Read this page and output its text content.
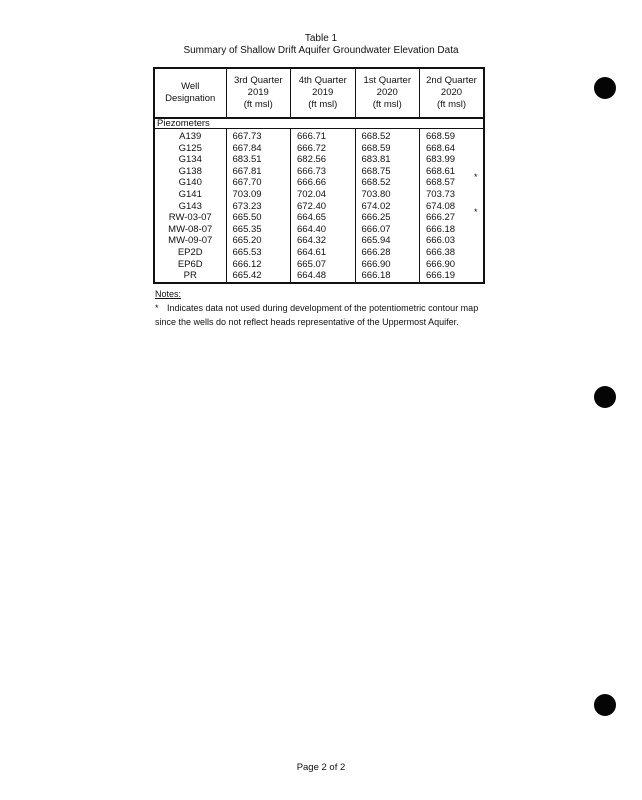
Table 1
Summary of Shallow Drift Aquifer Groundwater Elevation Data
Well
Designation	3rd Quarter
2019
(ft msl)	4th Quarter
2019
(ft msl)	1st Quarter
2020
(ft msl)	2nd Quarter
2020
(ft msl)

Piezometers				
A139	667.73	666.71	668.52	668.59
G125	667.84	666.72	668.59	668.64
G134	683.51	682.56	683.81	683.99
G138	667.81	666.73	668.75	668.61
G140	667.70	666.66	668.52	668.57
G141	703.09	702.04	703.80	703.73
G143	673.23	672.40	674.02	674.08
RW-03-07	665.50	664.65	666.25	666.27
MW-08-07	665.35	664.40	666.07	666.18
MW-09-07	665.20	664.32	665.94	666.03
EP2D	665.53	664.61	666.28	666.38
EP6D	666.12	665.07	666.90	666.90
PR	665.42	664.48	666.18	666.19
*
*
Notes:
* Indicates data not used during development of the potentiometric contour map since the wells do not reflect heads representative of the Uppermost Aquifer.
Page 2 of 2
